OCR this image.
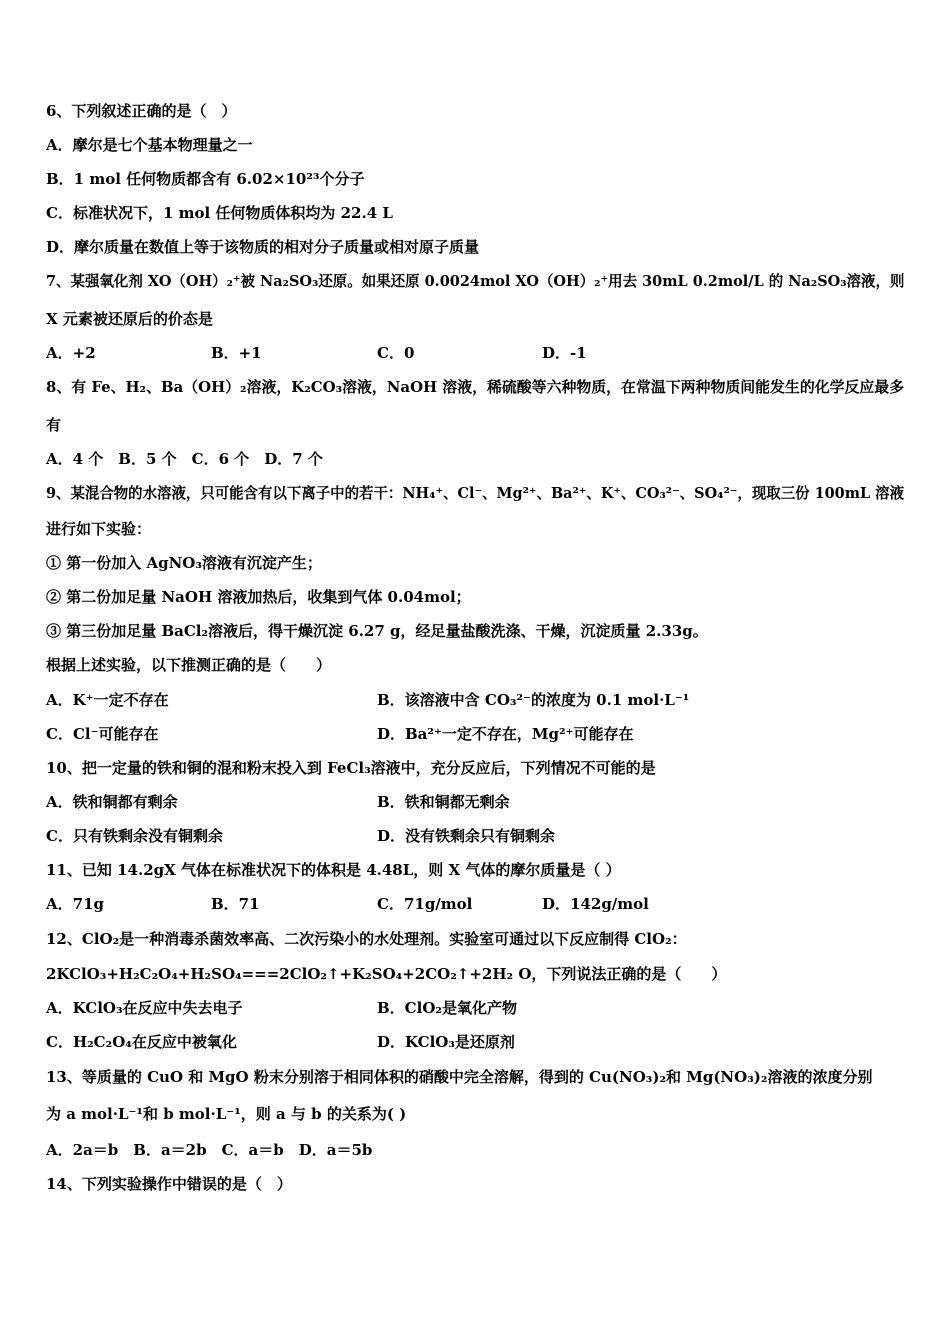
6、下列叙述正确的是（　）
A．摩尔是七个基本物理量之一
B．1 mol 任何物质都含有 6.02×10²³个分子
C．标准状况下，1 mol 任何物质体积均为 22.4 L
D．摩尔质量在数值上等于该物质的相对分子质量或相对原子质量
7、某强氧化剂 XO（OH）₂⁺被 Na₂SO₃还原。如果还原 0.0024mol XO（OH）₂⁺用去 30mL 0.2mol/L 的 Na₂SO₃溶液，则
X 元素被还原后的价态是
A．+2	B．+1	C．0	D．-1
8、有 Fe、H₂、Ba（OH）₂溶液，K₂CO₃溶液，NaOH 溶液，稀硫酸等六种物质，在常温下两种物质间能发生的化学反应最多
有
A．4 个　B．5 个　C．6 个　D．7 个
9、某混合物的水溶液，只可能含有以下离子中的若干：NH₄⁺、Cl⁻、Mg²⁺、Ba²⁺、K⁺、CO₃²⁻、SO₄²⁻，现取三份 100mL 溶液
进行如下实验：
① 第一份加入 AgNO₃溶液有沉淀产生；
② 第二份加足量 NaOH 溶液加热后，收集到气体 0.04mol；
③ 第三份加足量 BaCl₂溶液后，得干燥沉淀 6.27 g，经足量盐酸洗涤、干燥，沉淀质量 2.33g。
根据上述实验，以下推测正确的是（　　）
A．K⁺一定不存在	B．该溶液中含 CO₃²⁻的浓度为 0.1 mol·L⁻¹
C．Cl⁻可能存在	D．Ba²⁺一定不存在，Mg²⁺可能存在
10、把一定量的铁和铜的混和粉末投入到 FeCl₃溶液中，充分反应后，下列情况不可能的是
A．铁和铜都有剩余	B．铁和铜都无剩余
C．只有铁剩余没有铜剩余	D．没有铁剩余只有铜剩余
11、已知 14.2gX 气体在标准状况下的体积是 4.48L，则 X 气体的摩尔质量是（ ）
A．71g	B．71	C．71g/mol	D．142g/mol
12、ClO₂是一种消毒杀菌效率高、二次污染小的水处理剂。实验室可通过以下反应制得 ClO₂：
2KClO₃+H₂C₂O₄+H₂SO₄===2ClO₂↑+K₂SO₄+2CO₂↑+2H₂ O，下列说法正确的是（　　）
A．KClO₃在反应中失去电子	B．ClO₂是氧化产物
C．H₂C₂O₄在反应中被氧化	D．KClO₃是还原剂
13、等质量的 CuO 和 MgO 粉末分别溶于相同体积的硝酸中完全溶解，得到的 Cu(NO₃)₂和 Mg(NO₃)₂溶液的浓度分别
为 a mol·L⁻¹和 b mol·L⁻¹，则 a 与 b 的关系为( )
A．2a＝b　B．a＝2b　C．a＝b　D．a＝5b
14、下列实验操作中错误的是（　）
